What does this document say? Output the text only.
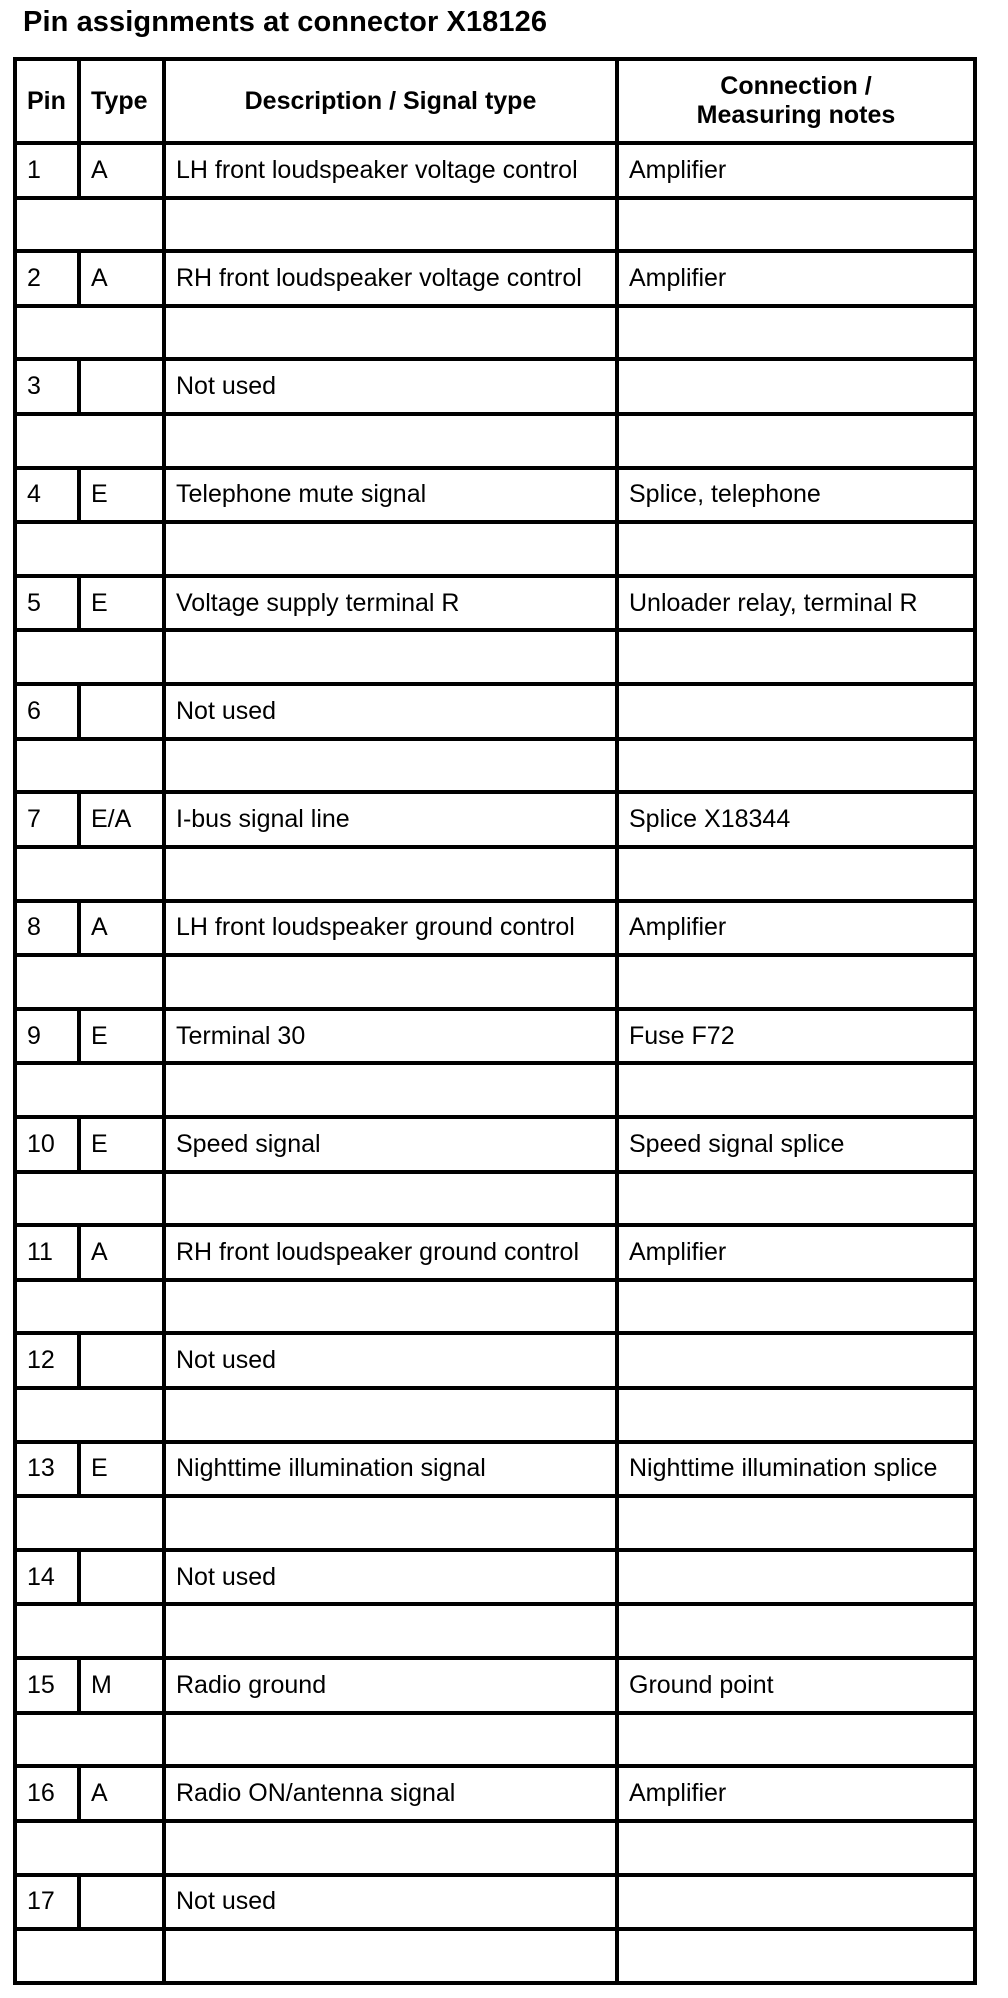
Pin assignments at connector X18126
Pin	Type	Description / Signal type	Connection /
Measuring notes

1	A	LH front loudspeaker voltage control	Amplifier

2	A	RH front loudspeaker voltage control	Amplifier

3		Not used	

4	E	Telephone mute signal	Splice, telephone

5	E	Voltage supply terminal R	Unloader relay, terminal R

6		Not used	

7	E/A	I-bus signal line	Splice X18344

8	A	LH front loudspeaker ground control	Amplifier

9	E	Terminal 30	Fuse F72

10	E	Speed signal	Speed signal splice

11	A	RH front loudspeaker ground control	Amplifier

12		Not used	

13	E	Nighttime illumination signal	Nighttime illumination splice

14		Not used	

15	M	Radio ground	Ground point

16	A	Radio ON/antenna signal	Amplifier

17		Not used	
